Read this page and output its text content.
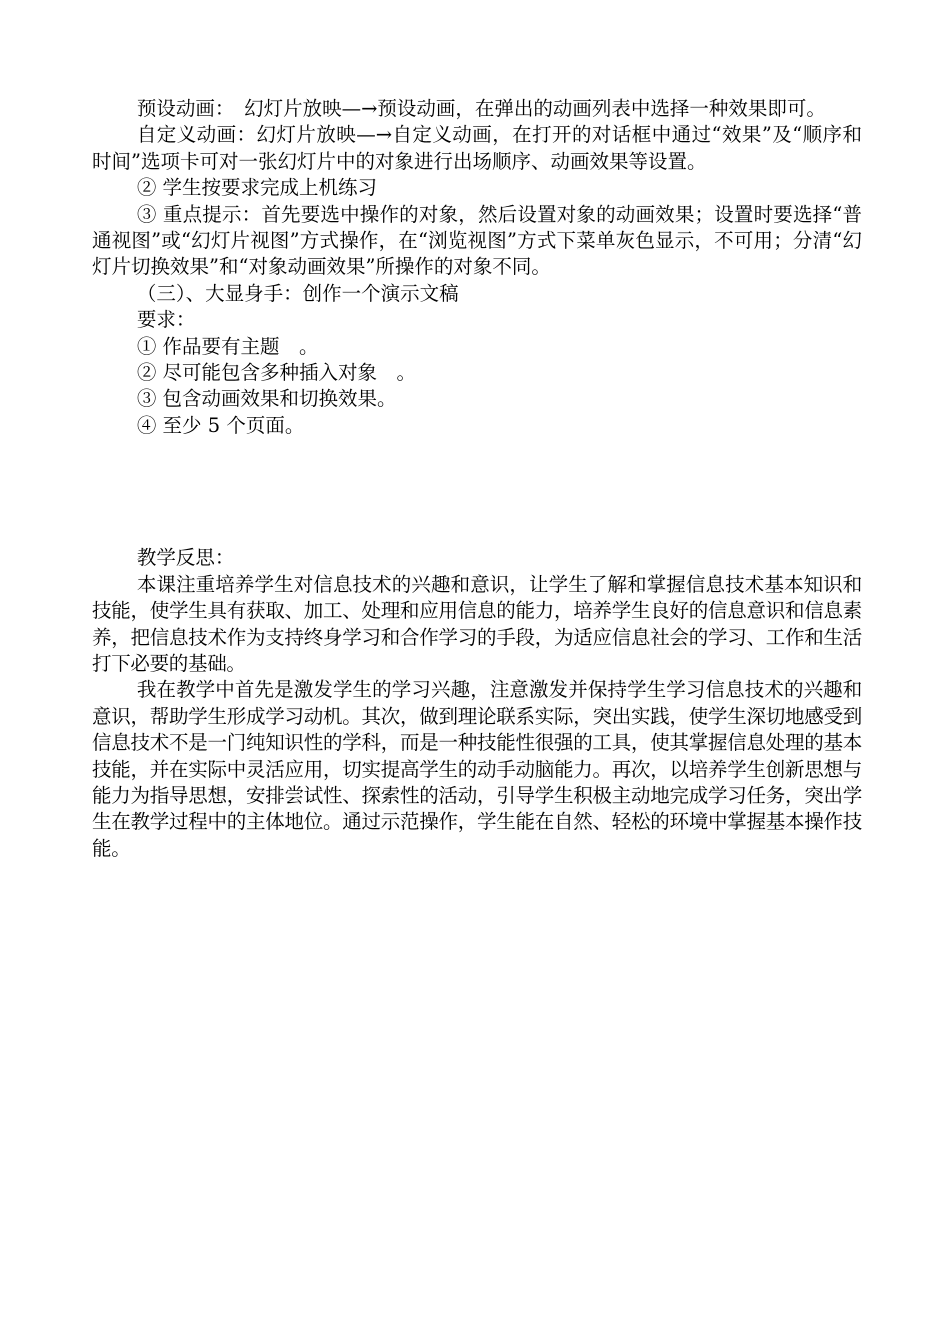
预设动画：　幻灯片放映—→预设动画，在弹出的动画列表中选择一种效果即可。

自定义动画：幻灯片放映—→自定义动画，在打开的对话框中通过“效果”及“顺序和时间”选项卡可对一张幻灯片中的对象进行出场顺序、动画效果等设置。

② 学生按要求完成上机练习

③ 重点提示：首先要选中操作的对象，然后设置对象的动画效果；设置时要选择“普通视图”或“幻灯片视图”方式操作，在“浏览视图”方式下菜单灰色显示，不可用；分清“幻灯片切换效果”和“对象动画效果”所操作的对象不同。

（三）、大显身手：创作一个演示文稿

要求：

① 作品要有主题　。

② 尽可能包含多种插入对象　。

③ 包含动画效果和切换效果。

④ 至少 5 个页面。

教学反思：

本课注重培养学生对信息技术的兴趣和意识，让学生了解和掌握信息技术基本知识和技能，使学生具有获取、加工、处理和应用信息的能力，培养学生良好的信息意识和信息素养，把信息技术作为支持终身学习和合作学习的手段，为适应信息社会的学习、工作和生活打下必要的基础。

我在教学中首先是激发学生的学习兴趣，注意激发并保持学生学习信息技术的兴趣和意识，帮助学生形成学习动机。其次，做到理论联系实际，突出实践，使学生深切地感受到信息技术不是一门纯知识性的学科，而是一种技能性很强的工具，使其掌握信息处理的基本技能，并在实际中灵活应用，切实提高学生的动手动脑能力。再次，以培养学生创新思想与能力为指导思想，安排尝试性、探索性的活动，引导学生积极主动地完成学习任务，突出学生在教学过程中的主体地位。通过示范操作，学生能在自然、轻松的环境中掌握基本操作技能。
